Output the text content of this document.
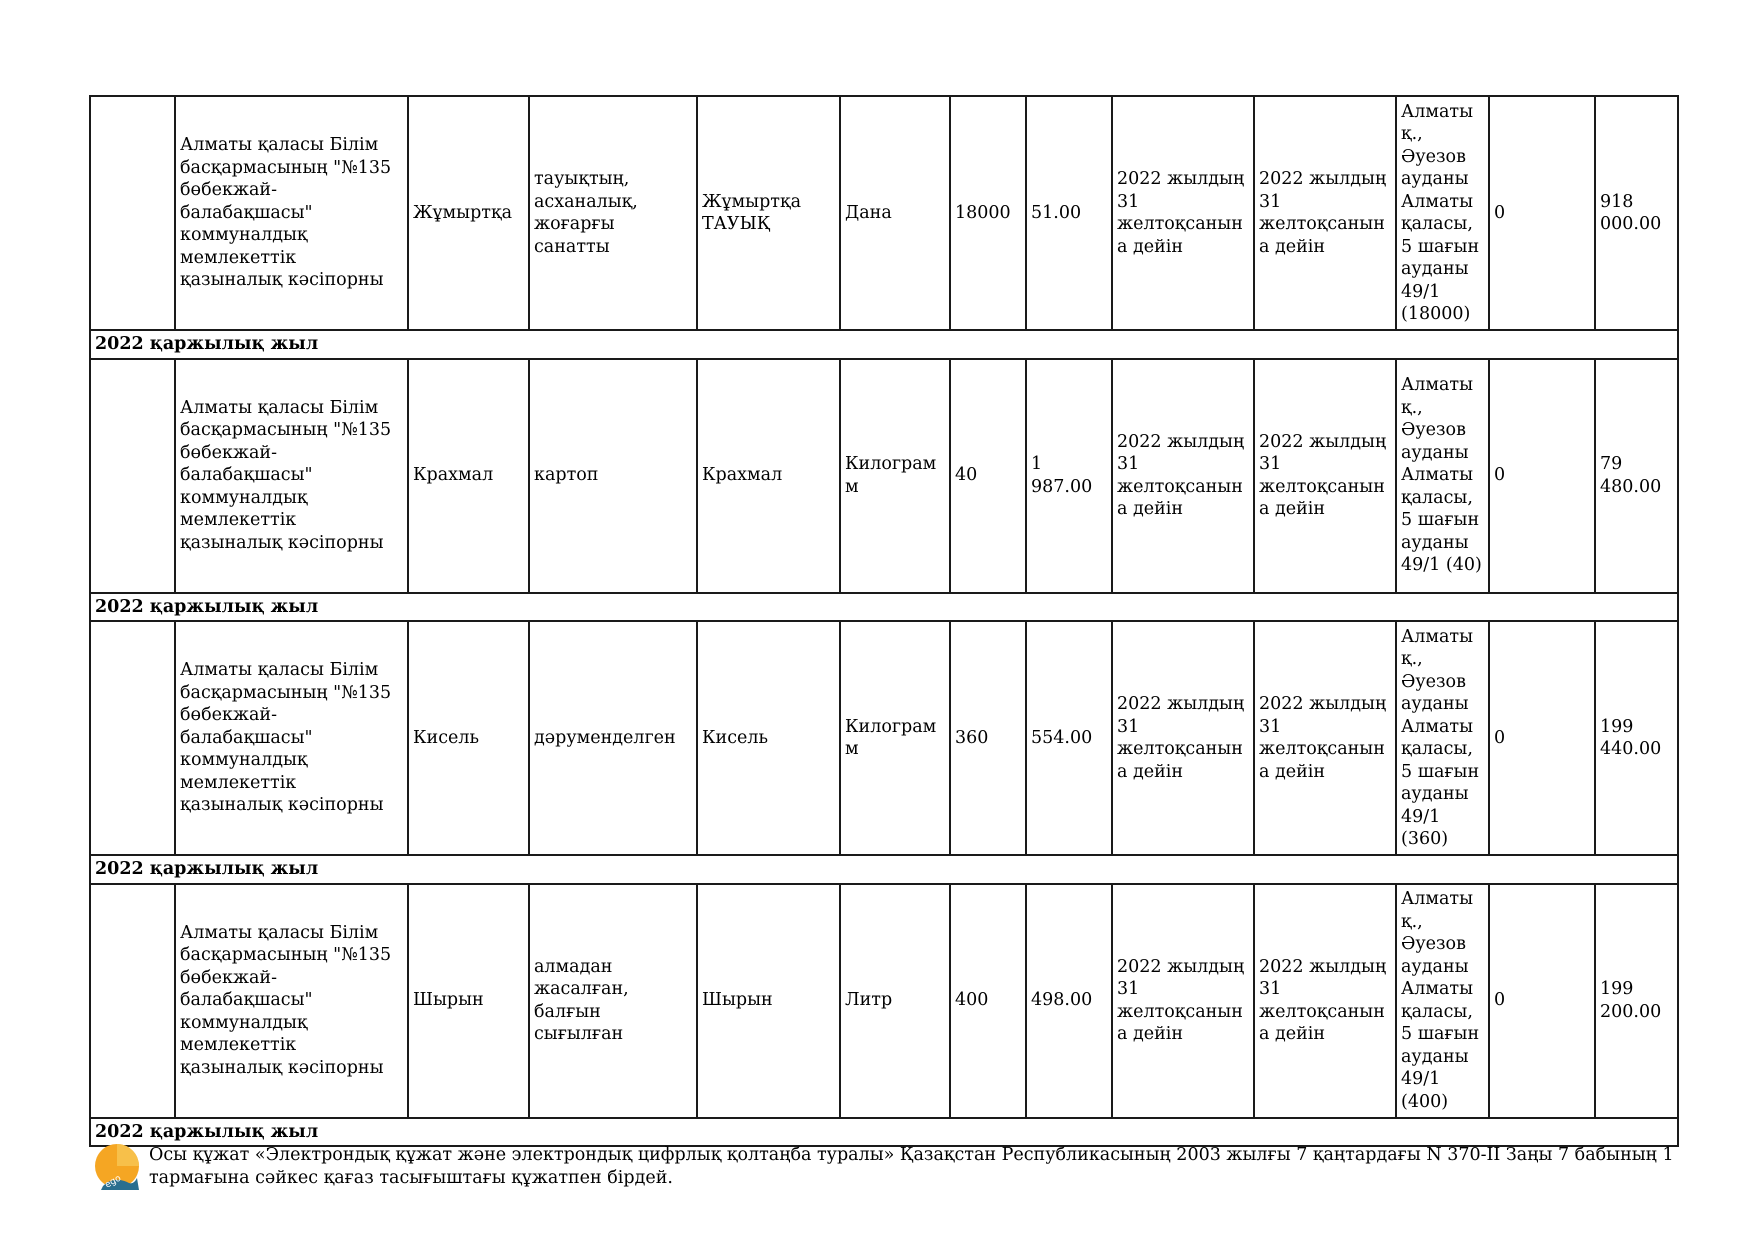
	Алматы қаласы Білім басқармасының "№135 бөбекжай-балабақшасы" коммуналдық мемлекеттік қазыналық кәсіпорны	Жұмыртқа	тауықтың, асханалық, жоғарғы санатты	Жұмыртқа ТАУЫҚ	Дана	18000	51.00	2022 жылдың 31 желтоқсанына дейін	2022 жылдың 31 желтоқсанына дейін	Алматы қ., Әуезов ауданы Алматы қаласы, 5 шағын ауданы 49/1 (18000)	0	918 000.00
2022 қаржылық жыл												
	Алматы қаласы Білім басқармасының "№135 бөбекжай-балабақшасы" коммуналдық мемлекеттік қазыналық кәсіпорны	Крахмал	картоп	Крахмал	Килограмм	40	1 987.00	2022 жылдың 31 желтоқсанына дейін	2022 жылдың 31 желтоқсанына дейін	Алматы қ., Әуезов ауданы Алматы қаласы, 5 шағын ауданы 49/1 (40)	0	79 480.00
2022 қаржылық жыл												
	Алматы қаласы Білім басқармасының "№135 бөбекжай-балабақшасы" коммуналдық мемлекеттік қазыналық кәсіпорны	Кисель	дәруменделген	Кисель	Килограмм	360	554.00	2022 жылдың 31 желтоқсанына дейін	2022 жылдың 31 желтоқсанына дейін	Алматы қ., Әуезов ауданы Алматы қаласы, 5 шағын ауданы 49/1 (360)	0	199 440.00
2022 қаржылық жыл												
	Алматы қаласы Білім басқармасының "№135 бөбекжай-балабақшасы" коммуналдық мемлекеттік қазыналық кәсіпорны	Шырын	алмадан жасалған, балғын сығылған	Шырын	Литр	400	498.00	2022 жылдың 31 желтоқсанына дейін	2022 жылдың 31 желтоқсанына дейін	Алматы қ., Әуезов ауданы Алматы қаласы, 5 шағын ауданы 49/1 (400)	0	199 200.00
2022 қаржылық жыл												
ego
Осы құжат «Электрондық құжат және электрондық цифрлық қолтаңба туралы» Қазақстан Республикасының 2003 жылғы 7 қаңтардағы N 370-II Заңы 7 бабының 1 тармағына сәйкес қағаз тасығыштағы құжатпен бірдей.
